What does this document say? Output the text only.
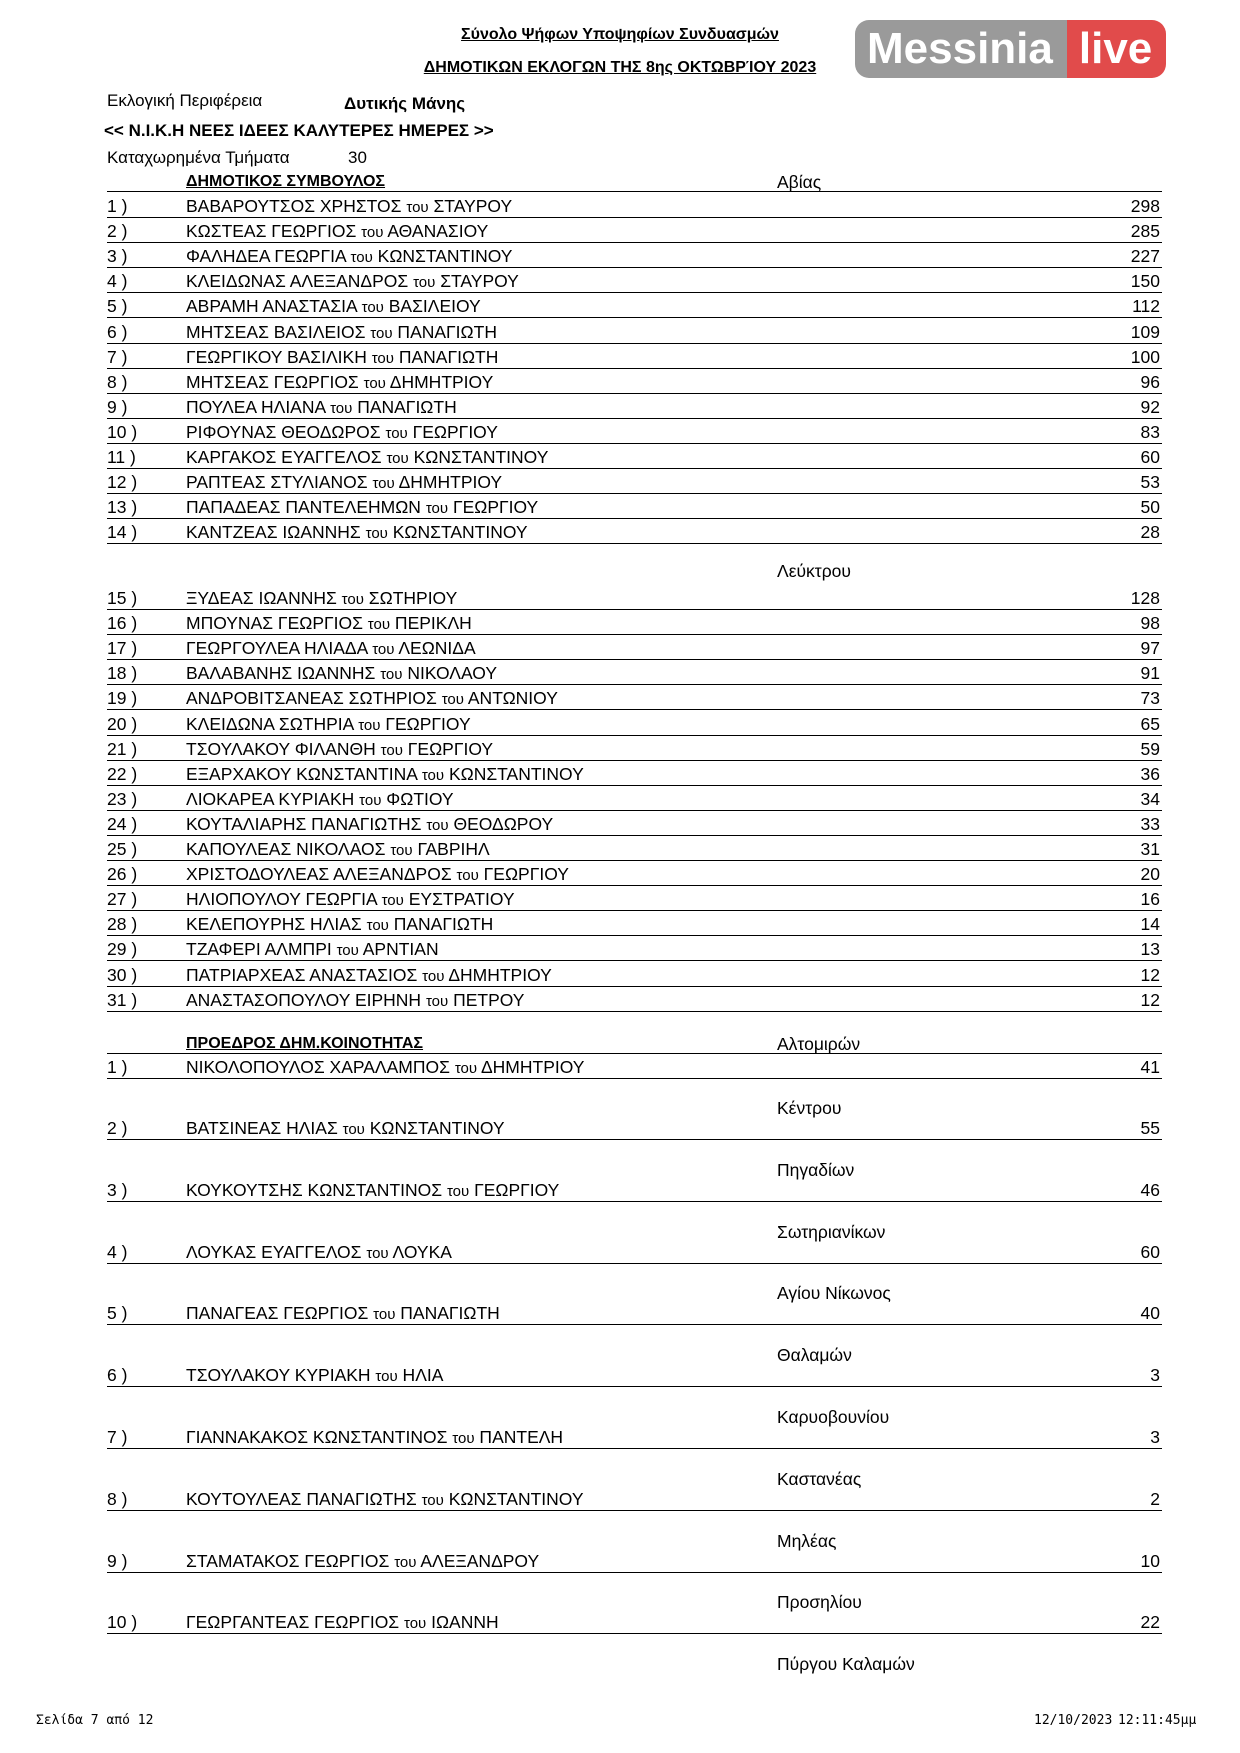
Σύνολο Ψήφων Υποψηφίων Συνδυασμών
ΔΗΜΟΤΙΚΩΝ ΕΚΛΟΓΩΝ ΤΗΣ 8ης ΟΚΤΩΒΡΊΟΥ 2023	Messinia live
Εκλογική Περιφέρεια	Δυτικής Μάνης
<< Ν.Ι.Κ.Η ΝΕΕΣ ΙΔΕΕΣ ΚΑΛΥΤΕΡΕΣ ΗΜΕΡΕΣ >>
Καταχωρημένα Τμήματα	30
ΔΗΜΟΤΙΚΟΣ ΣΥΜΒΟΥΛΟΣ	Αβίας
1 )	ΒΑΒΑΡΟΥΤΣΟΣ ΧΡΗΣΤΟΣ του ΣΤΑΥΡΟΥ	298
2 )	ΚΩΣΤΕΑΣ ΓΕΩΡΓΙΟΣ του ΑΘΑΝΑΣΙΟΥ	285
3 )	ΦΑΛΗΔΕΑ ΓΕΩΡΓΙΑ του ΚΩΝΣΤΑΝΤΙΝΟΥ	227
4 )	ΚΛΕΙΔΩΝΑΣ ΑΛΕΞΑΝΔΡΟΣ του ΣΤΑΥΡΟΥ	150
5 )	ΑΒΡΑΜΗ ΑΝΑΣΤΑΣΙΑ του ΒΑΣΙΛΕΙΟΥ	112
6 )	ΜΗΤΣΕΑΣ ΒΑΣΙΛΕΙΟΣ του ΠΑΝΑΓΙΩΤΗ	109
7 )	ΓΕΩΡΓΙΚΟΥ ΒΑΣΙΛΙΚΗ του ΠΑΝΑΓΙΩΤΗ	100
8 )	ΜΗΤΣΕΑΣ ΓΕΩΡΓΙΟΣ του ΔΗΜΗΤΡΙΟΥ	96
9 )	ΠΟΥΛΕΑ ΗΛΙΑΝΑ του ΠΑΝΑΓΙΩΤΗ	92
10 )	ΡΙΦΟΥΝΑΣ ΘΕΟΔΩΡΟΣ του ΓΕΩΡΓΙΟΥ	83
11 )	ΚΑΡΓΑΚΟΣ ΕΥΑΓΓΕΛΟΣ του ΚΩΝΣΤΑΝΤΙΝΟΥ	60
12 )	ΡΑΠΤΕΑΣ ΣΤΥΛΙΑΝΟΣ του ΔΗΜΗΤΡΙΟΥ	53
13 )	ΠΑΠΑΔΕΑΣ ΠΑΝΤΕΛΕΗΜΩΝ του ΓΕΩΡΓΙΟΥ	50
14 )	ΚΑΝΤΖΕΑΣ ΙΩΑΝΝΗΣ του ΚΩΝΣΤΑΝΤΙΝΟΥ	28
Λεύκτρου
15 )	ΞΥΔΕΑΣ ΙΩΑΝΝΗΣ του ΣΩΤΗΡΙΟΥ	128
16 )	ΜΠΟΥΝΑΣ ΓΕΩΡΓΙΟΣ του ΠΕΡΙΚΛΗ	98
17 )	ΓΕΩΡΓΟΥΛΕΑ ΗΛΙΑΔΑ του ΛΕΩΝΙΔΑ	97
18 )	ΒΑΛΑΒΑΝΗΣ ΙΩΑΝΝΗΣ του ΝΙΚΟΛΑΟΥ	91
19 )	ΑΝΔΡΟΒΙΤΣΑΝΕΑΣ ΣΩΤΗΡΙΟΣ του ΑΝΤΩΝΙΟΥ	73
20 )	ΚΛΕΙΔΩΝΑ ΣΩΤΗΡΙΑ του ΓΕΩΡΓΙΟΥ	65
21 )	ΤΣΟΥΛΑΚΟΥ ΦΙΛΑΝΘΗ του ΓΕΩΡΓΙΟΥ	59
22 )	ΕΞΑΡΧΑΚΟΥ ΚΩΝΣΤΑΝΤΙΝΑ του ΚΩΝΣΤΑΝΤΙΝΟΥ	36
23 )	ΛΙΟΚΑΡΕΑ ΚΥΡΙΑΚΗ του ΦΩΤΙΟΥ	34
24 )	ΚΟΥΤΑΛΙΑΡΗΣ ΠΑΝΑΓΙΩΤΗΣ του ΘΕΟΔΩΡΟΥ	33
25 )	ΚΑΠΟΥΛΕΑΣ ΝΙΚΟΛΑΟΣ του ΓΑΒΡΙΗΛ	31
26 )	ΧΡΙΣΤΟΔΟΥΛΕΑΣ ΑΛΕΞΑΝΔΡΟΣ του ΓΕΩΡΓΙΟΥ	20
27 )	ΗΛΙΟΠΟΥΛΟΥ ΓΕΩΡΓΙΑ του ΕΥΣΤΡΑΤΙΟΥ	16
28 )	ΚΕΛΕΠΟΥΡΗΣ ΗΛΙΑΣ του ΠΑΝΑΓΙΩΤΗ	14
29 )	ΤΖΑΦΕΡΙ ΑΛΜΠΡΙ του ΑΡΝΤΙΑΝ	13
30 )	ΠΑΤΡΙΑΡΧΕΑΣ ΑΝΑΣΤΑΣΙΟΣ του ΔΗΜΗΤΡΙΟΥ	12
31 )	ΑΝΑΣΤΑΣΟΠΟΥΛΟΥ ΕΙΡΗΝΗ του ΠΕΤΡΟΥ	12
ΠΡΟΕΔΡΟΣ ΔΗΜ.ΚΟΙΝΟΤΗΤΑΣ	Αλτομιρών
1 )	ΝΙΚΟΛΟΠΟΥΛΟΣ ΧΑΡΑΛΑΜΠΟΣ του ΔΗΜΗΤΡΙΟΥ	41
Κέντρου
2 )	ΒΑΤΣΙΝΕΑΣ ΗΛΙΑΣ του ΚΩΝΣΤΑΝΤΙΝΟΥ	55
Πηγαδίων
3 )	ΚΟΥΚΟΥΤΣΗΣ ΚΩΝΣΤΑΝΤΙΝΟΣ του ΓΕΩΡΓΙΟΥ	46
Σωτηριανίκων
4 )	ΛΟΥΚΑΣ ΕΥΑΓΓΕΛΟΣ του ΛΟΥΚΑ	60
Αγίου Νίκωνος
5 )	ΠΑΝΑΓΕΑΣ ΓΕΩΡΓΙΟΣ του ΠΑΝΑΓΙΩΤΗ	40
Θαλαμών
6 )	ΤΣΟΥΛΑΚΟΥ ΚΥΡΙΑΚΗ του ΗΛΙΑ	3
Καρυοβουνίου
7 )	ΓΙΑΝΝΑΚΑΚΟΣ ΚΩΝΣΤΑΝΤΙΝΟΣ του ΠΑΝΤΕΛΗ	3
Καστανέας
8 )	ΚΟΥΤΟΥΛΕΑΣ ΠΑΝΑΓΙΩΤΗΣ του ΚΩΝΣΤΑΝΤΙΝΟΥ	2
Μηλέας
9 )	ΣΤΑΜΑΤΑΚΟΣ ΓΕΩΡΓΙΟΣ του ΑΛΕΞΑΝΔΡΟΥ	10
Προσηλίου
10 )	ΓΕΩΡΓΑΝΤΕΑΣ ΓΕΩΡΓΙΟΣ του ΙΩΑΝΝΗ	22
Πύργου Καλαμών
Σελίδα 7 από 12	12/10/2023 12:11:45μμ
